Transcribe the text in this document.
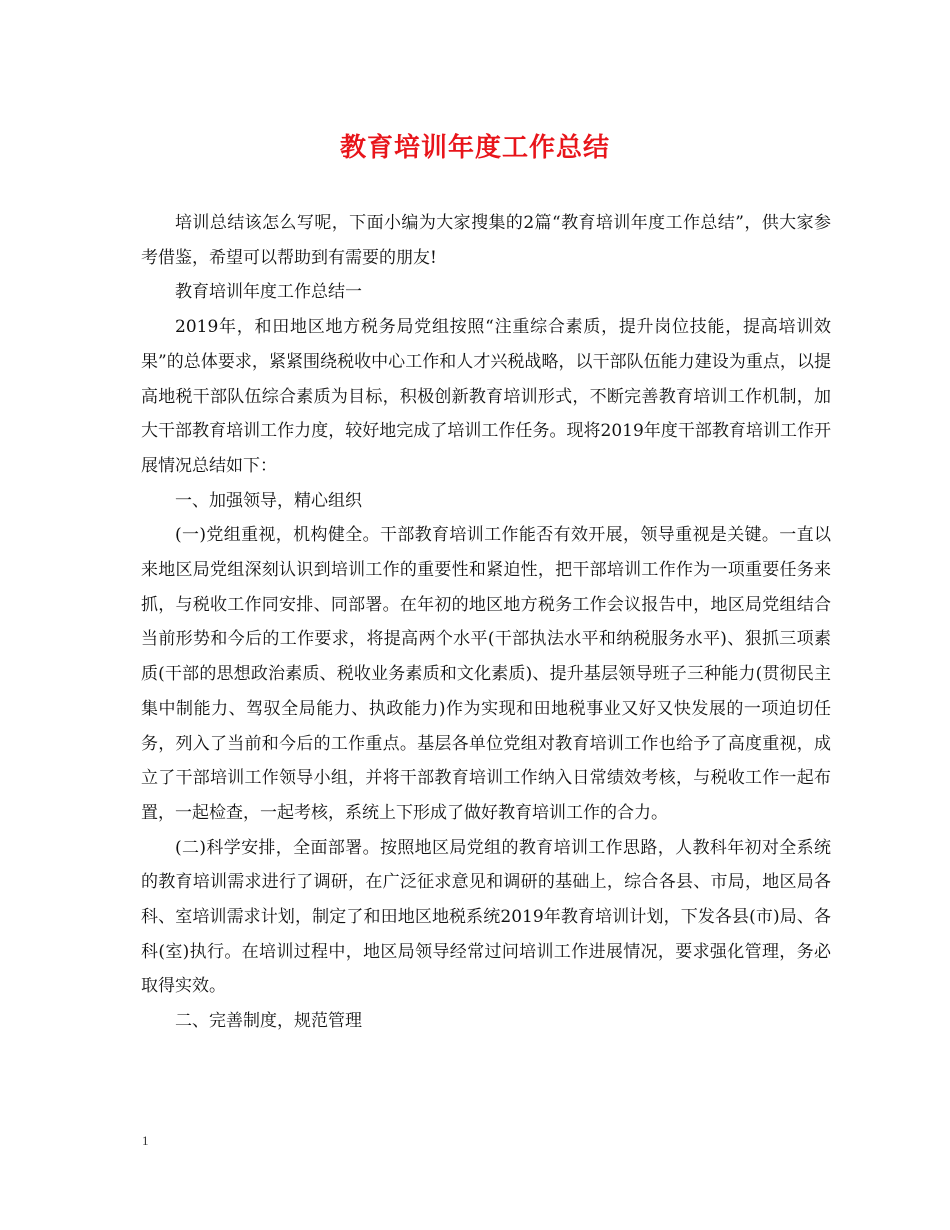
教育培训年度工作总结

培训总结该怎么写呢，下面小编为大家搜集的2篇“教育培训年度工作总结”，供大家参考借鉴，希望可以帮助到有需要的朋友!

教育培训年度工作总结一

2019年，和田地区地方税务局党组按照“注重综合素质，提升岗位技能，提高培训效果”的总体要求，紧紧围绕税收中心工作和人才兴税战略，以干部队伍能力建设为重点，以提高地税干部队伍综合素质为目标，积极创新教育培训形式，不断完善教育培训工作机制，加大干部教育培训工作力度，较好地完成了培训工作任务。现将2019年度干部教育培训工作开展情况总结如下：

一、加强领导，精心组织

(一)党组重视，机构健全。干部教育培训工作能否有效开展，领导重视是关键。一直以来地区局党组深刻认识到培训工作的重要性和紧迫性，把干部培训工作作为一项重要任务来抓，与税收工作同安排、同部署。在年初的地区地方税务工作会议报告中，地区局党组结合当前形势和今后的工作要求，将提高两个水平(干部执法水平和纳税服务水平)、狠抓三项素质(干部的思想政治素质、税收业务素质和文化素质)、提升基层领导班子三种能力(贯彻民主集中制能力、驾驭全局能力、执政能力)作为实现和田地税事业又好又快发展的一项迫切任务，列入了当前和今后的工作重点。基层各单位党组对教育培训工作也给予了高度重视，成立了干部培训工作领导小组，并将干部教育培训工作纳入日常绩效考核，与税收工作一起布置，一起检查，一起考核，系统上下形成了做好教育培训工作的合力。

(二)科学安排，全面部署。按照地区局党组的教育培训工作思路，人教科年初对全系统的教育培训需求进行了调研，在广泛征求意见和调研的基础上，综合各县、市局，地区局各科、室培训需求计划，制定了和田地区地税系统2019年教育培训计划，下发各县(市)局、各科(室)执行。在培训过程中，地区局领导经常过问培训工作进展情况，要求强化管理，务必取得实效。

二、完善制度，规范管理

1
